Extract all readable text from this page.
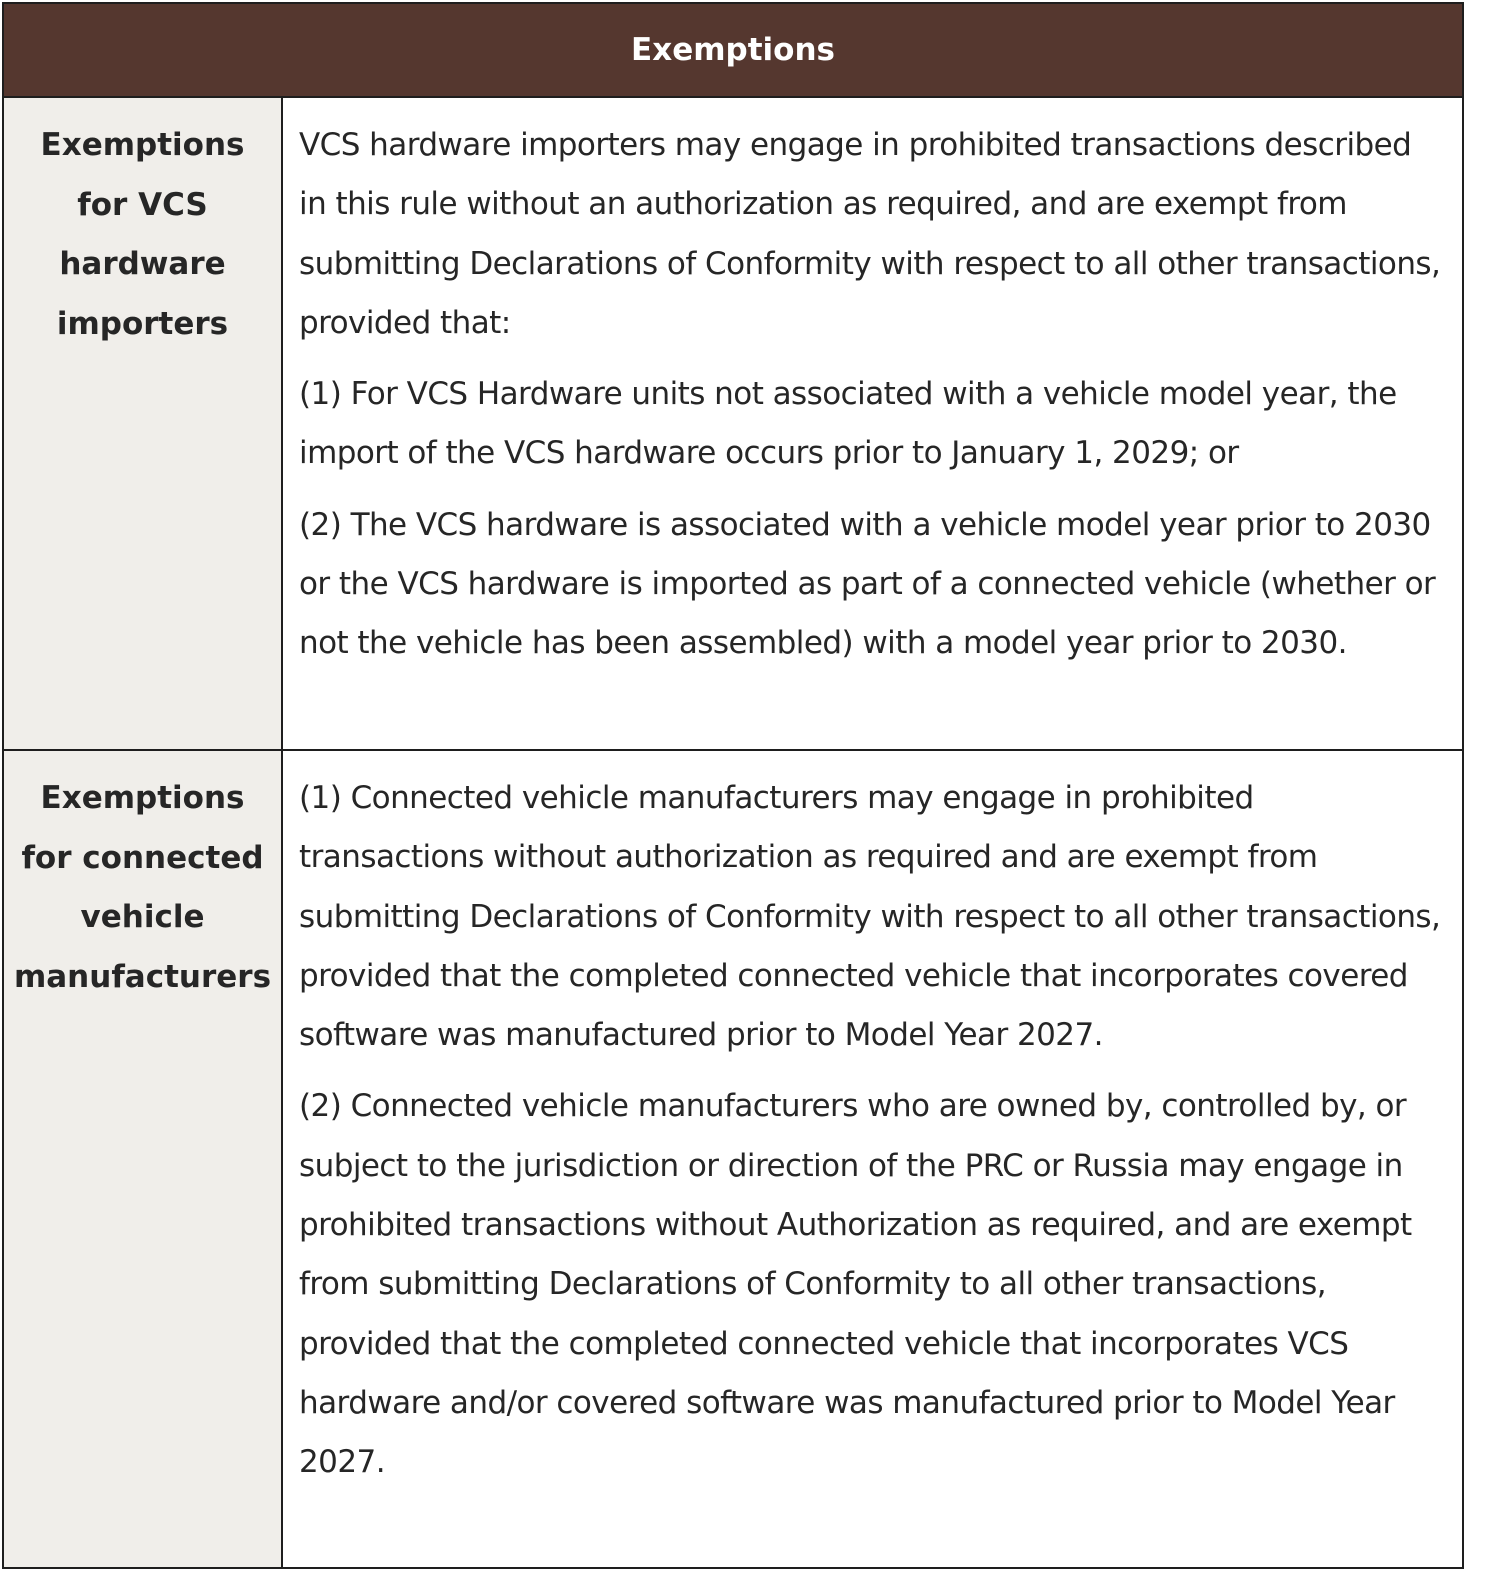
Exemptions
Exemptions
for VCS
hardware
importers

VCS hardware importers may engage in prohibited transactions described in this rule without an authorization as required, and are exempt from submitting Declarations of Conformity with respect to all other transactions, provided that:

(1) For VCS Hardware units not associated with a vehicle model year, the import of the VCS hardware occurs prior to January 1, 2029; or

(2) The VCS hardware is associated with a vehicle model year prior to 2030 or the VCS hardware is imported as part of a connected vehicle (whether or not the vehicle has been assembled) with a model year prior to 2030.

Exemptions
for connected
vehicle
manufacturers

(1) Connected vehicle manufacturers may engage in prohibited transactions without authorization as required and are exempt from submitting Declarations of Conformity with respect to all other transactions, provided that the completed connected vehicle that incorporates covered software was manufactured prior to Model Year 2027.

(2) Connected vehicle manufacturers who are owned by, controlled by, or subject to the jurisdiction or direction of the PRC or Russia may engage in prohibited transactions without Authorization as required, and are exempt from submitting Declarations of Conformity to all other transactions, provided that the completed connected vehicle that incorporates VCS hardware and/or covered software was manufactured prior to Model Year 2027.
